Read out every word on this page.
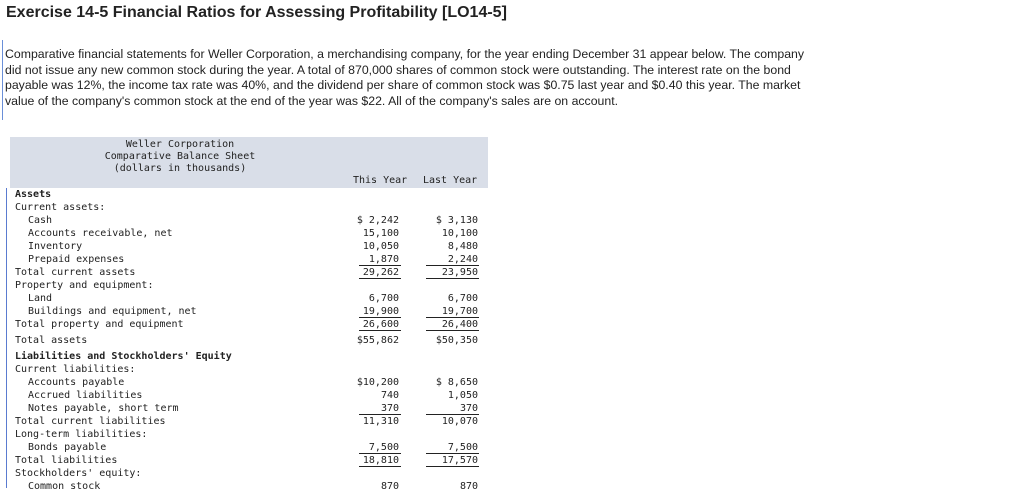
Exercise 14-5 Financial Ratios for Assessing Profitability [LO14-5]

Comparative financial statements for Weller Corporation, a merchandising company, for the year ending December 31 appear below. The company did not issue any new common stock during the year. A total of 870,000 shares of common stock were outstanding. The interest rate on the bond payable was 12%, the income tax rate was 40%, and the dividend per share of common stock was $0.75 last year and $0.40 this year. The market value of the company's common stock at the end of the year was $22. All of the company's sales are on account.

Weller Corporation
Comparative Balance Sheet
(dollars in thousands)
This Year Last Year
Assets
Current assets:
Cash	$ 2,242	$ 3,130
Accounts receivable, net	15,100	10,100
Inventory	10,050	8,480
Prepaid expenses	1,870	2,240
Total current assets	29,262	23,950
Property and equipment:
Land	6,700	6,700
Buildings and equipment, net	19,900	19,700
Total property and equipment	26,600	26,400
Total assets	$55,862	$50,350
Liabilities and Stockholders' Equity
Current liabilities:
Accounts payable	$10,200	$ 8,650
Accrued liabilities	740	1,050
Notes payable, short term	370	370
Total current liabilities	11,310	10,070
Long-term liabilities:
Bonds payable	7,500	7,500
Total liabilities	18,810	17,570
Stockholders' equity:
Common stock	870	870
